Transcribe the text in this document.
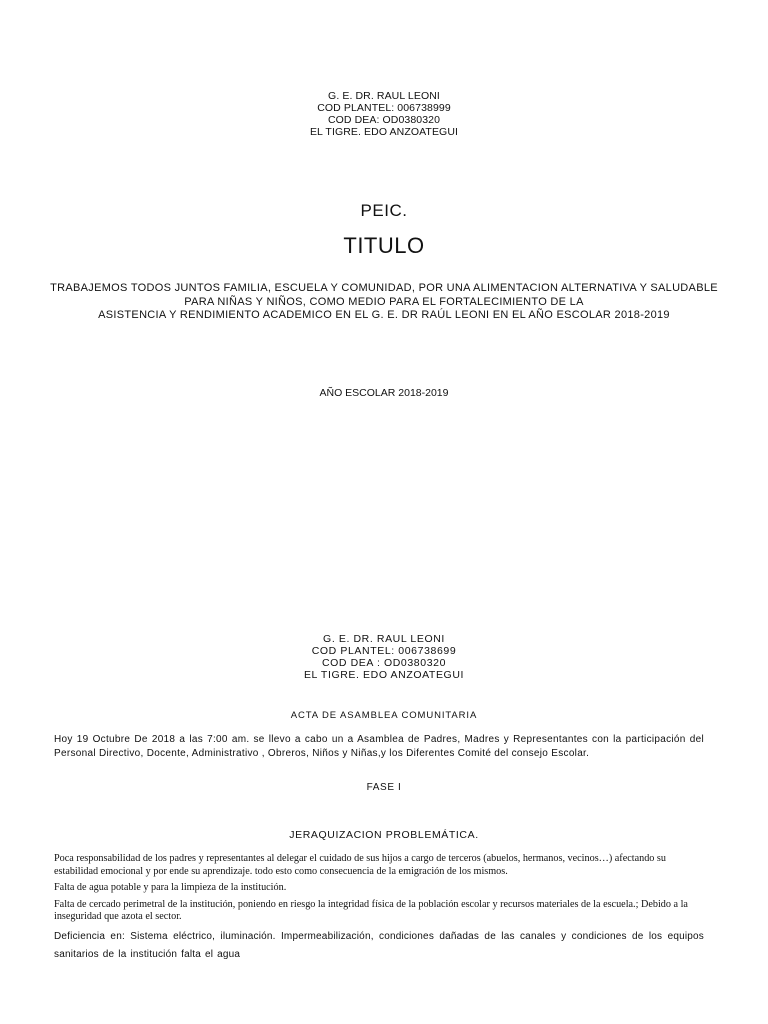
G. E. DR. RAUL LEONI
COD PLANTEL: 006738999
COD DEA: OD0380320
EL TIGRE. EDO ANZOATEGUI
PEIC.
TITULO
TRABAJEMOS TODOS JUNTOS FAMILIA, ESCUELA Y COMUNIDAD, POR UNA ALIMENTACION ALTERNATIVA Y SALUDABLE
PARA NIÑAS Y NIÑOS, COMO MEDIO PARA EL FORTALECIMIENTO DE LA
ASISTENCIA Y RENDIMIENTO ACADEMICO EN EL G. E. DR RAÚL LEONI EN EL AÑO ESCOLAR 2018-2019
AÑO ESCOLAR 2018-2019
G. E. DR. RAUL LEONI
COD PLANTEL: 006738699
COD DEA : OD0380320
EL TIGRE. EDO ANZOATEGUI
ACTA DE ASAMBLEA COMUNITARIA
Hoy 19 Octubre De 2018 a las 7:00 am. se llevo a cabo un a Asamblea de Padres, Madres y Representantes con la participación del Personal Directivo, Docente, Administrativo , Obreros, Niños y Niñas,y los Diferentes Comité del consejo Escolar.
FASE I
JERAQUIZACION PROBLEMÁTICA.

Poca responsabilidad de los padres y representantes al delegar el cuidado de sus hijos a cargo de terceros (abuelos, hermanos, vecinos…) afectando su estabilidad emocional y por ende su aprendizaje. todo esto como consecuencia de la emigración de los mismos.

Falta de agua potable y para la limpieza de la institución.

Falta de cercado perimetral de la institución, poniendo en riesgo la integridad física de la población escolar y recursos materiales de la escuela.; Debido a la inseguridad que azota el sector.

Deficiencia en: Sistema eléctrico, iluminación. Impermeabilización, condiciones dañadas de las canales y condiciones de los equipos sanitarios de la institución falta el agua
